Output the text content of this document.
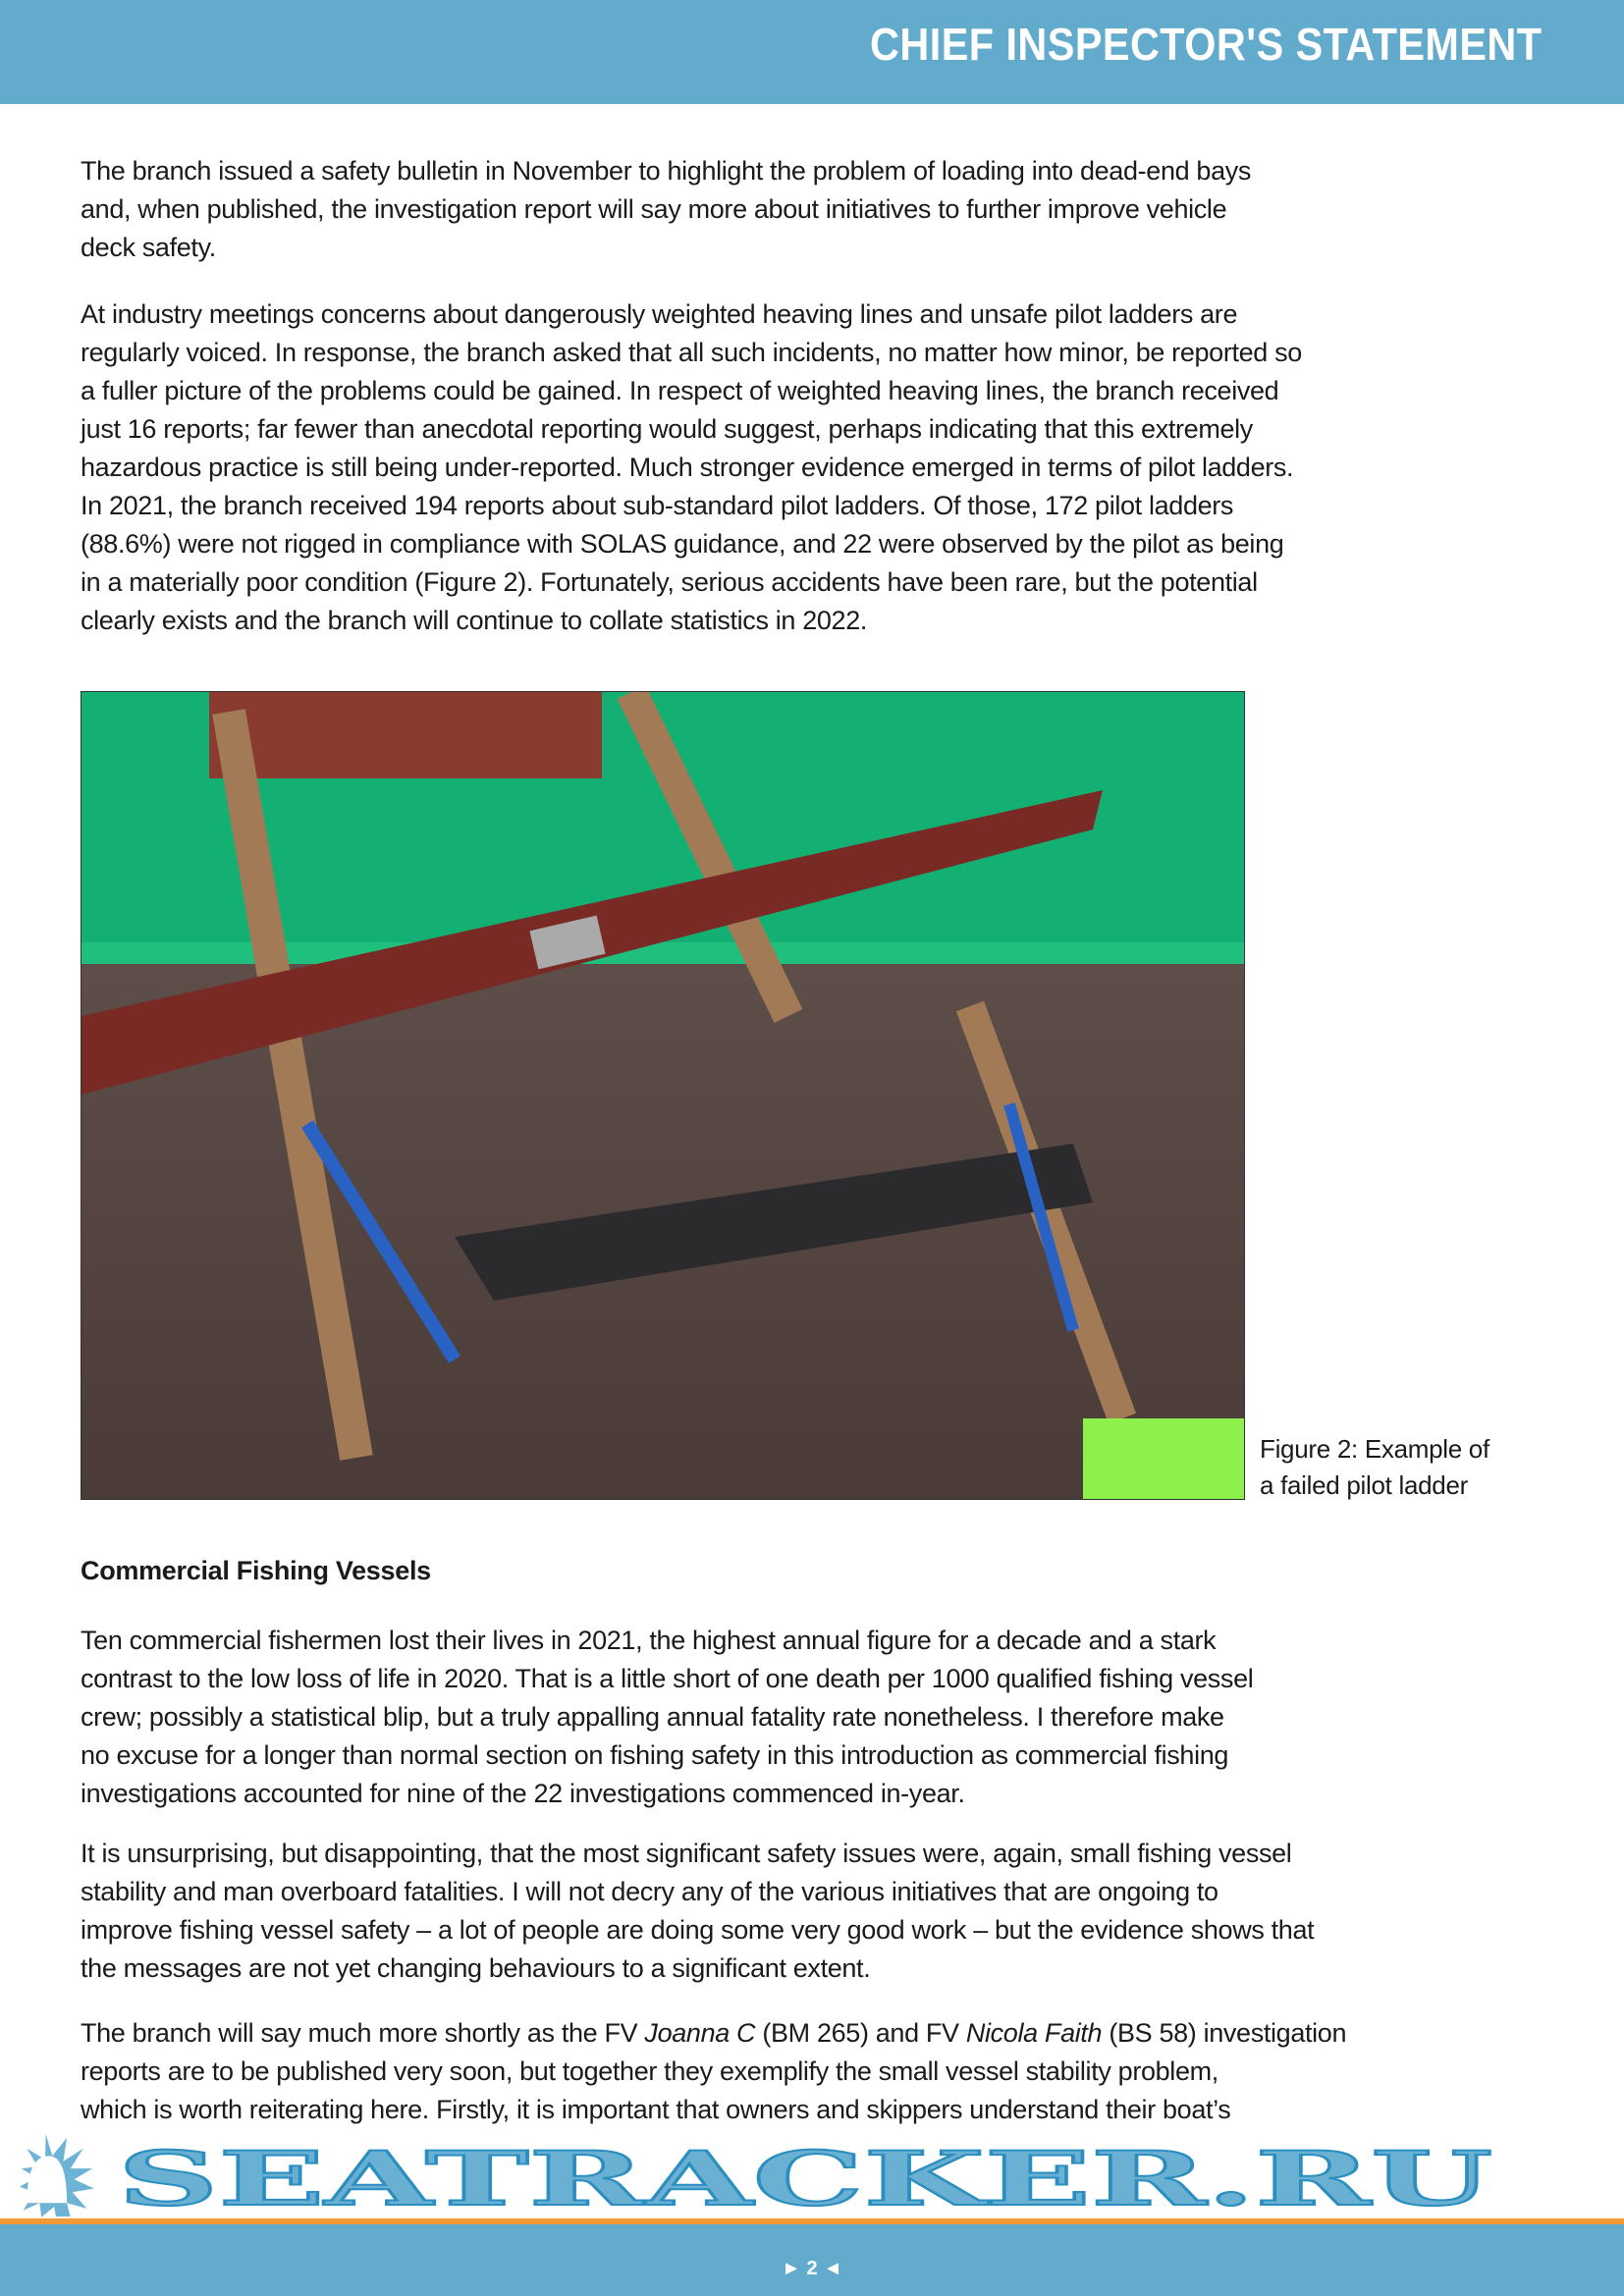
CHIEF INSPECTOR'S STATEMENT
The branch issued a safety bulletin in November to highlight the problem of loading into dead-end bays
and, when published, the investigation report will say more about initiatives to further improve vehicle
deck safety.
At industry meetings concerns about dangerously weighted heaving lines and unsafe pilot ladders are
regularly voiced. In response, the branch asked that all such incidents, no matter how minor, be reported so
a fuller picture of the problems could be gained. In respect of weighted heaving lines, the branch received
just 16 reports; far fewer than anecdotal reporting would suggest, perhaps indicating that this extremely
hazardous practice is still being under-reported. Much stronger evidence emerged in terms of pilot ladders.
In 2021, the branch received 194 reports about sub-standard pilot ladders. Of those, 172 pilot ladders
(88.6%) were not rigged in compliance with SOLAS guidance, and 22 were observed by the pilot as being
in a materially poor condition (Figure 2). Fortunately, serious accidents have been rare, but the potential
clearly exists and the branch will continue to collate statistics in 2022.
Figure 2: Example of
a failed pilot ladder
Commercial Fishing Vessels
Ten commercial fishermen lost their lives in 2021, the highest annual figure for a decade and a stark
contrast to the low loss of life in 2020. That is a little short of one death per 1000 qualified fishing vessel
crew; possibly a statistical blip, but a truly appalling annual fatality rate nonetheless. I therefore make
no excuse for a longer than normal section on fishing safety in this introduction as commercial fishing
investigations accounted for nine of the 22 investigations commenced in-year.
It is unsurprising, but disappointing, that the most significant safety issues were, again, small fishing vessel
stability and man overboard fatalities. I will not decry any of the various initiatives that are ongoing to
improve fishing vessel safety – a lot of people are doing some very good work – but the evidence shows that
the messages are not yet changing behaviours to a significant extent.
The branch will say much more shortly as the FV Joanna C (BM 265) and FV Nicola Faith (BS 58) investigation
reports are to be published very soon, but together they exemplify the small vessel stability problem,
which is worth reiterating here. Firstly, it is important that owners and skippers understand their boat’s
► 2 ◄
SEATRACKER.RU
